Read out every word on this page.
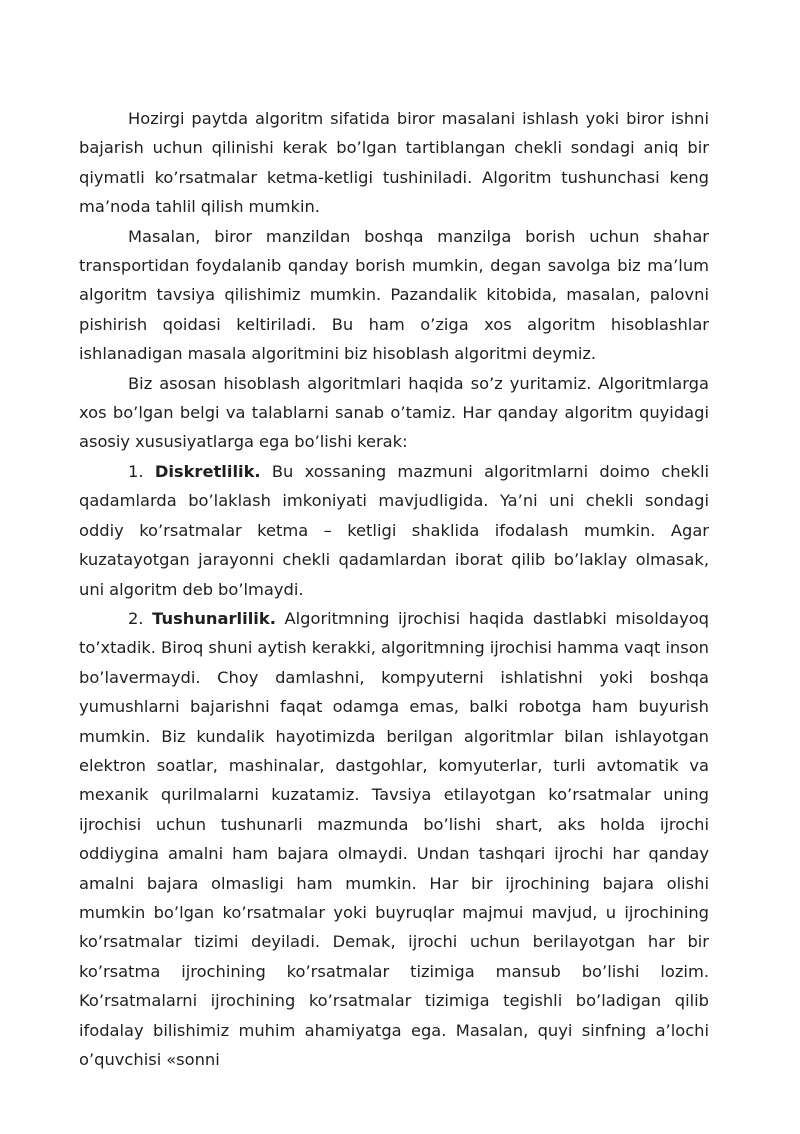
Hozirgi paytda algoritm sifatida biror masalani ishlash yoki biror ishni bajarish uchun qilinishi kerak bo’lgan tartiblangan chekli sondagi aniq bir qiymatli ko’rsatmalar ketma-ketligi tushiniladi. Algoritm tushunchasi keng ma’noda tahlil qilish mumkin.

Masalan, biror manzildan boshqa manzilga borish uchun shahar transportidan foydalanib qanday borish mumkin, degan savolga biz ma’lum algoritm tavsiya qilishimiz mumkin. Pazandalik kitobida, masalan, palovni pishirish qoidasi keltiriladi. Bu ham o’ziga xos algoritm hisoblashlar ishlanadigan masala algoritmini biz hisoblash algoritmi deymiz.

Biz asosan hisoblash algoritmlari haqida so’z yuritamiz. Algoritmlarga xos bo’lgan belgi va talablarni sanab o’tamiz. Har qanday algoritm quyidagi asosiy xususiyatlarga ega bo’lishi kerak:

1. Diskretlilik. Bu xossaning mazmuni algoritmlarni doimo chekli qadamlarda bo’laklash imkoniyati mavjudligida. Ya’ni uni chekli sondagi oddiy ko’rsatmalar ketma – ketligi shaklida ifodalash mumkin. Agar kuzatayotgan jarayonni chekli qadamlardan iborat qilib bo’laklay olmasak, uni algoritm deb bo’lmaydi.

2. Tushunarlilik. Algoritmning ijrochisi haqida dastlabki misoldayoq to’xtadik. Biroq shuni aytish kerakki, algoritmning ijrochisi hamma vaqt inson bo’lavermaydi. Choy damlashni, kompyuterni ishlatishni yoki boshqa yumushlarni bajarishni faqat odamga emas, balki robotga ham buyurish mumkin. Biz kundalik hayotimizda berilgan algoritmlar bilan ishlayotgan elektron soatlar, mashinalar, dastgohlar, komyuterlar, turli avtomatik va mexanik qurilmalarni kuzatamiz. Tavsiya etilayotgan ko’rsatmalar uning ijrochisi uchun tushunarli mazmunda bo’lishi shart, aks holda ijrochi oddiygina amalni ham bajara olmaydi. Undan tashqari ijrochi har qanday amalni bajara olmasligi ham mumkin. Har bir ijrochining bajara olishi mumkin bo’lgan ko’rsatmalar yoki buyruqlar majmui mavjud, u ijrochining ko’rsatmalar tizimi deyiladi. Demak, ijrochi uchun berilayotgan har bir ko’rsatma ijrochining ko’rsatmalar tizimiga mansub bo’lishi lozim. Ko’rsatmalarni ijrochining ko’rsatmalar tizimiga tegishli bo’ladigan qilib ifodalay bilishimiz muhim ahamiyatga ega. Masalan, quyi sinfning a’lochi o’quvchisi «sonni
